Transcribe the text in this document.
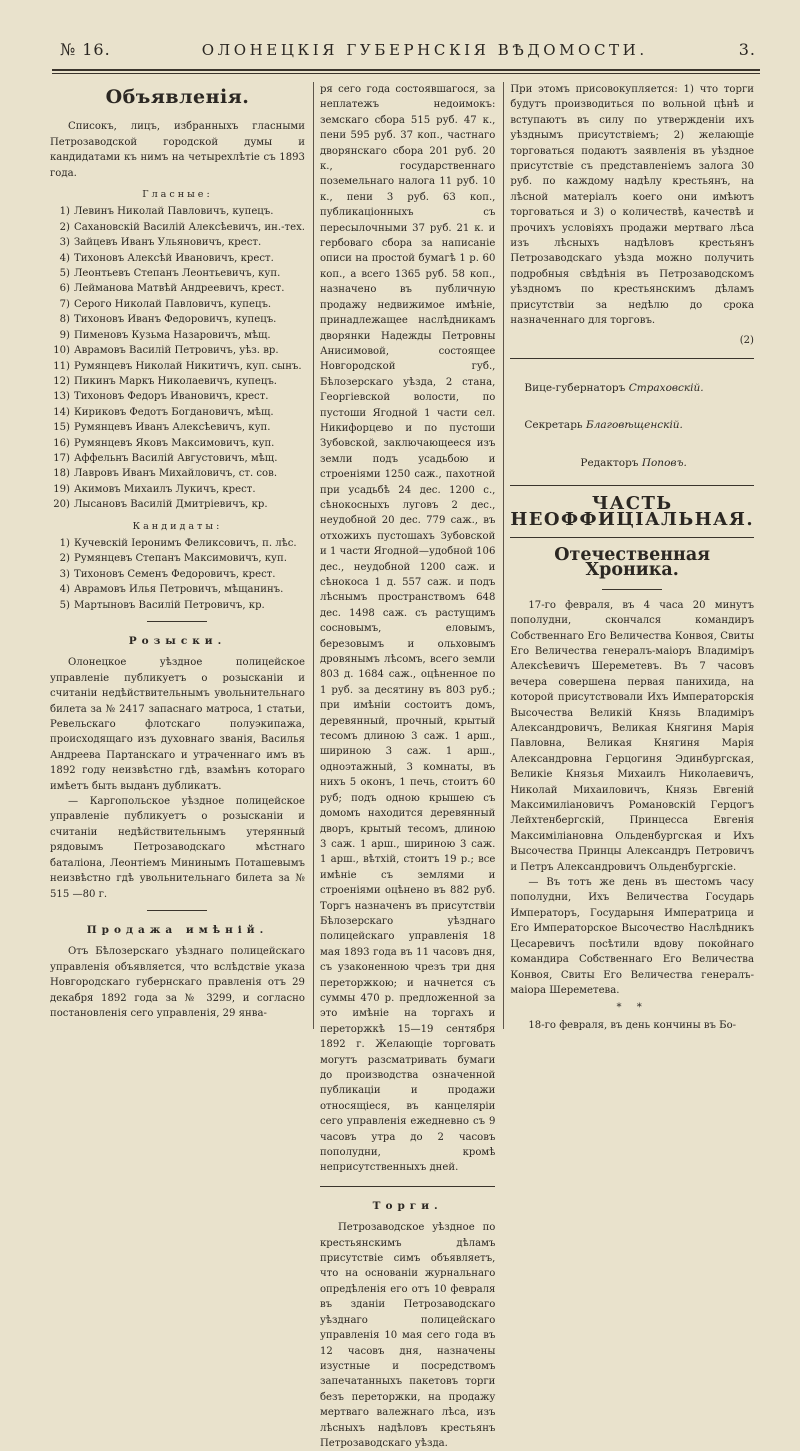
№ 16.	ОЛОНЕЦКІЯ ГУБЕРНСКІЯ ВѢДОМОСТИ.	3.
Объявленія.

Списокъ, лицъ, избранныхъ гласными Петрозаводской городской думы и кандидатами къ нимъ на четырехлѣтіе съ 1893 года.

Гласные:
1) Левинъ Николай Павловичъ, купецъ.
2) Сахановскій Василій Алексѣевичъ, ин.-тех.
3) Зайцевъ Иванъ Ульяновичъ, крест.
4) Тихоновъ Алексѣй Ивановичъ, крест.
5) Леонтьевъ Степанъ Леонтьевичъ, куп.
6) Лейманова Матвѣй Андреевичъ, крест.
7) Серого Николай Павловичъ, купецъ.
8) Тихоновъ Иванъ Федоровичъ, купецъ.
9) Пименовъ Кузьма Назаровичъ, мѣщ.
10) Аврамовъ Василій Петровичъ, уѣз. вр.
11) Румянцевъ Николай Никитичъ, куп. сынъ.
12) Пикинъ Маркъ Николаевичъ, купецъ.
13) Тихоновъ Федоръ Ивановичъ, крест.
14) Кириковъ Федотъ Богдановичъ, мѣщ.
15) Румянцевъ Иванъ Алексѣевичъ, куп.
16) Румянцевъ Яковъ Максимовичъ, куп.
17) Аффельнъ Василій Августовичъ, мѣщ.
18) Лавровъ Иванъ Михайловичъ, ст. сов.
19) Акимовъ Михаилъ Лукичъ, крест.
20) Лысановъ Василій Дмитріевичъ, кр.
Кандидаты:
1) Кучевскій Іеронимъ Феликсовичъ, п. лѣс.
2) Румянцевъ Степанъ Максимовичъ, куп.
3) Тихоновъ Семенъ Федоровичъ, крест.
4) Аврамовъ Илья Петровичъ, мѣщанинъ.
5) Мартыновъ Василій Петровичъ, кр.
Розыски.

Олонецкое уѣздное полицейское управленіе публикуетъ о розысканіи и считаніи недѣйствительнымъ увольнительнаго билета за № 2417 запаснаго матроса, 1 статьи, Ревельскаго флотскаго полуэкипажа, происходящаго изъ духовнаго званія, Василья Андреева Партанскаго и утраченнаго имъ въ 1892 году неизвѣстно гдѣ, взамѣнъ котораго имѣетъ быть выданъ дубликатъ.

— Каргопольское уѣздное полицейское управленіе публикуетъ о розысканіи и считаніи недѣйствительнымъ утерянный рядовымъ Петрозаводскаго мѣстнаго баталіона, Леонтіемъ Мининымъ Поташевымъ неизвѣстно гдѣ увольнительнаго билета за № 515 —80 г.

Продажа имѣній.

Отъ Бѣлозерскаго уѣзднаго полицейскаго управленія объявляется, что вслѣдствіе указа Новгородскаго губернскаго правленія отъ 29 декабря 1892 года за № 3299, и согласно постановленія сего управленія, 29 янва-

ря сего года состоявшагося, за неплатежъ недоимокъ: земскаго сбора 515 руб. 47 к., пени 595 руб. 37 коп., частнаго дворянскаго сбора 201 руб. 20 к., государственнаго поземельнаго налога 11 руб. 10 к., пени 3 руб. 63 коп., публикаціонныхъ съ пересылочными 37 руб. 21 к. и гербоваго сбора за написаніе описи на простой бумагѣ 1 р. 60 коп., а всего 1365 руб. 58 коп., назначено въ публичную продажу недвижимое имѣніе, принадлежащее наслѣдникамъ дворянки Надежды Петровны Анисимовой, состоящее Новгородской губ., Бѣлозерскаго уѣзда, 2 стана, Георгіевской волости, по пустоши Ягодной 1 части сел. Никифорцево и по пустоши Зубовской, заключающееся изъ земли подъ усадьбою и строеніями 1250 саж., пахотной при усадьбѣ 24 дес. 1200 с., сѣнокосныхъ луговъ 2 дес., неудобной 20 дес. 779 саж., въ отхожихъ пустошахъ Зубовской и 1 части Ягодной—удобной 106 дес., неудобной 1200 саж. и сѣнокоса 1 д. 557 саж. и подъ лѣснымъ пространствомъ 648 дес. 1498 саж. съ растущимъ сосновымъ, еловымъ, березовымъ и ольховымъ дровянымъ лѣсомъ, всего земли 803 д. 1684 саж., оцѣненное по 1 руб. за десятину въ 803 руб.; при имѣніи состоитъ домъ, деревянный, прочный, крытый тесомъ длиною 3 саж. 1 арш., шириною 3 саж. 1 арш., одноэтажный, 3 комнаты, въ нихъ 5 оконъ, 1 печь, стоитъ 60 руб; подъ одною крышею съ домомъ находится деревянный дворъ, крытый тесомъ, длиною 3 саж. 1 арш., шириною 3 саж. 1 арш., вѣтхій, стоитъ 19 р.; все имѣніе съ землями и строеніями оцѣнено въ 882 руб. Торгъ назначенъ въ присутствіи Бѣлозерскаго уѣзднаго полицейскаго управленія 18 мая 1893 года въ 11 часовъ дня, съ узаконенною чрезъ три дня переторжкою; и начнется съ суммы 470 р. предложенной за это имѣніе на торгахъ и переторжкѣ 15—19 сентября 1892 г. Желающіе торговать могутъ разсматривать бумаги до производства означенной публикаціи и продажи относящіеся, въ канцеляріи сего управленія ежедневно съ 9 часовъ утра до 2 часовъ пополудни, кромѣ неприсутственныхъ дней.

Торги.

Петрозаводское уѣздное по крестьянскимъ дѣламъ присутствіе симъ объявляетъ, что на основаніи журнальнаго опредѣленія его отъ 10 февраля въ зданіи Петрозаводскаго уѣзднаго полицейскаго управленія 10 мая сего года въ 12 часовъ дня, назначены изустные и посредствомъ запечатанныхъ пакетовъ торги безъ переторжки, на продажу мертваго валежнаго лѣса, изъ лѣсныхъ надѣловъ крестьянъ Петрозаводскаго уѣзда.

При этомъ присовокупляется: 1) что торги будутъ производиться по вольной цѣнѣ и вступаютъ въ силу по утвержденіи ихъ уѣзднымъ присутствіемъ; 2) желающіе торговаться подаютъ заявленія въ уѣздное присутствіе съ представленіемъ залога 30 руб. по каждому надѣлу крестьянъ, на лѣсной матеріалъ коего они имѣютъ торговаться и 3) о количествѣ, качествѣ и прочихъ условіяхъ продажи мертваго лѣса изъ лѣсныхъ надѣловъ крестьянъ Петрозаводскаго уѣзда можно получить подробныя свѣдѣнія въ Петрозаводскомъ уѣздномъ по крестьянскимъ дѣламъ присутствіи за недѣлю до срока назначеннаго для торговъ.

(2)

Вице-губернаторъ Страховскій.
Секретарь Благовѣщенскій.
Редакторъ Поповъ.
ЧАСТЬ НЕОФФИЦІАЛЬНАЯ.
Отечественная Хроника.

17-го февраля, въ 4 часа 20 минутъ пополудни, скончался командиръ Собственнаго Его Величества Конвоя, Свиты Его Величества генералъ-маіоръ Владиміръ Алексѣевичъ Шереметевъ. Въ 7 часовъ вечера совершена первая панихида, на которой присутствовали Ихъ Императорскія Высочества Великій Князь Владиміръ Александровичъ, Великая Княгиня Марія Павловна, Великая Княгиня Марія Александровна Герцогиня Эдинбургская, Великіе Князья Михаилъ Николаевичъ, Николай Михаиловичъ, Князь Евгеній Максимиліановичъ Романовскій Герцогъ Лейхтенбергскій, Принцесса Евгенія Максиміліановна Ольденбургская и Ихъ Высочества Принцы Александръ Петровичъ и Петръ Александровичъ Ольденбургскіе.

— Въ тотъ же день въ шестомъ часу пополудни, Ихъ Величества Государь Императоръ, Государыня Императрица и Его Императорское Высочество Наслѣдникъ Цесаревичъ посѣтили вдову покойнаго командира Собственнаго Его Величества Конвоя, Свиты Его Величества генералъ-маіора Шереметева.

* *

18-го февраля, въ день кончины въ Бо-
